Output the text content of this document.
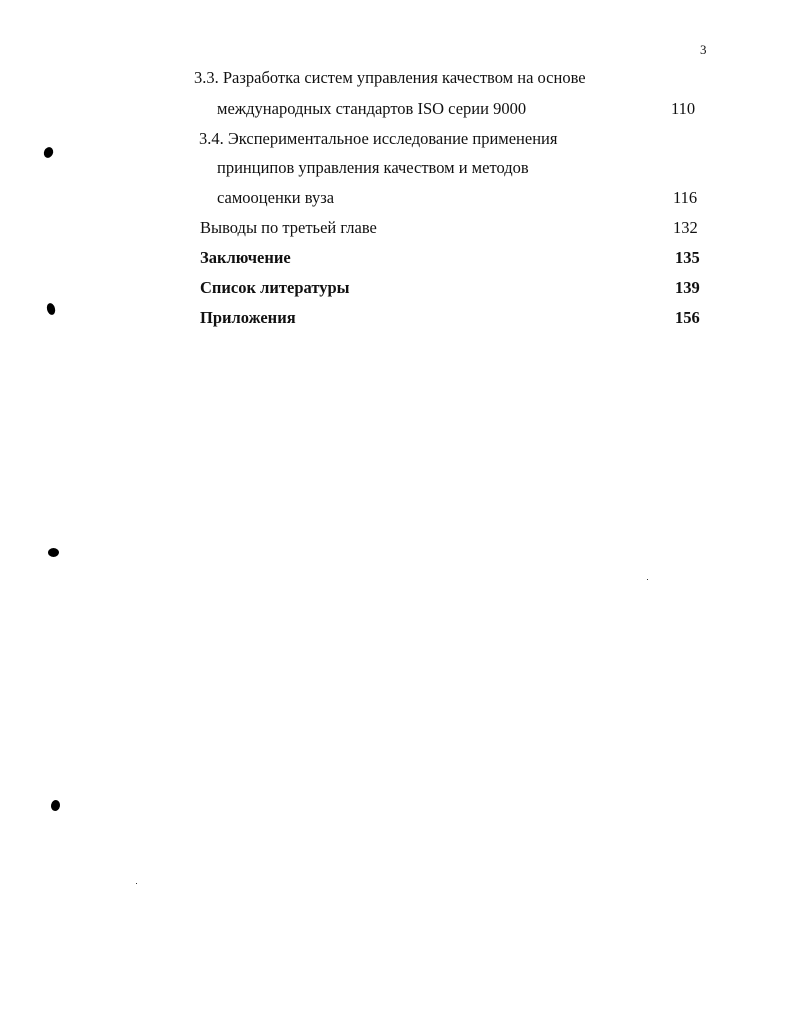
3
3.3. Разработка систем управления качеством на основе
международных стандартов ISO серии 9000	110
3.4. Экспериментальное исследование применения
принципов управления качеством и методов
самооценки вуза	116
Выводы по третьей главе	132
Заключение	135
Список литературы	139
Приложения	156
